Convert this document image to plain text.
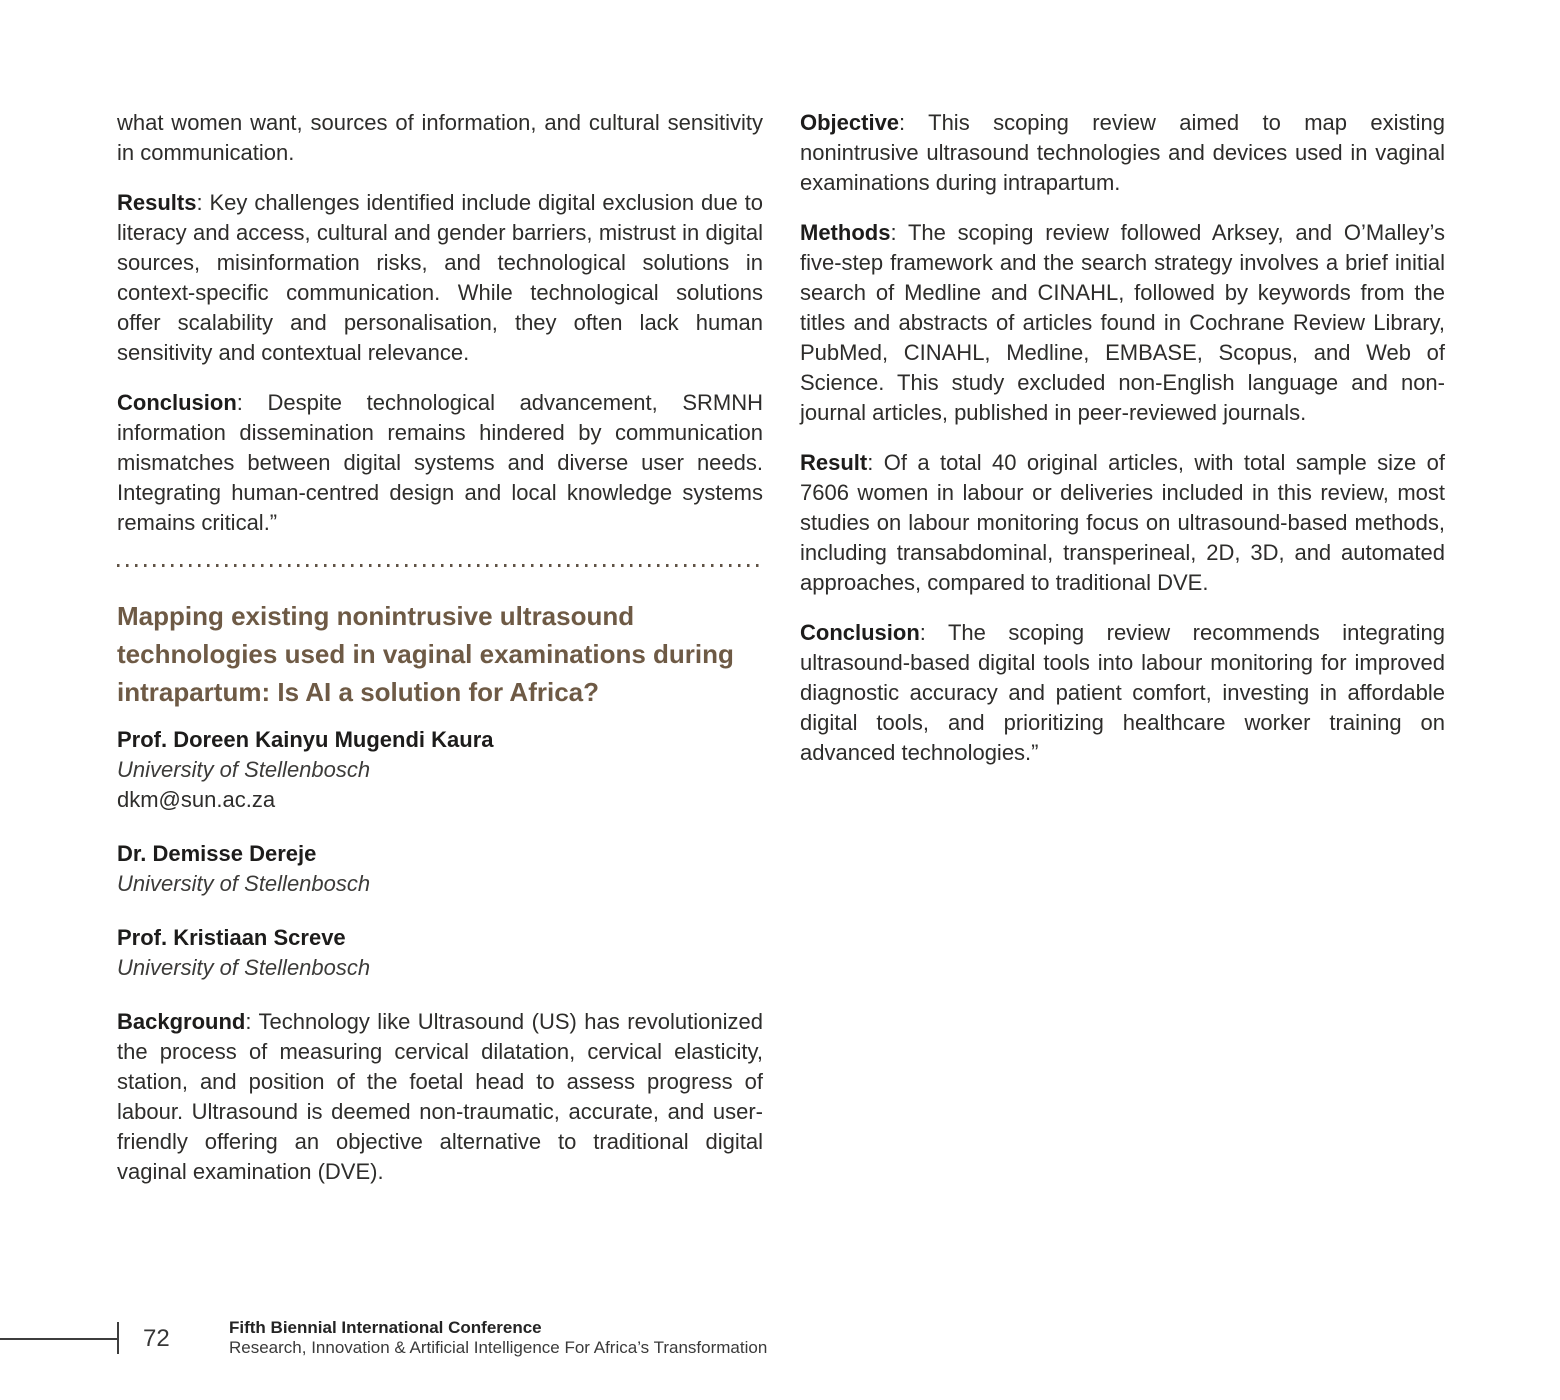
what women want, sources of information, and cultural sensitivity in communication.

Results: Key challenges identified include digital exclusion due to literacy and access, cultural and gender barriers, mistrust in digital sources, misinformation risks, and technological solutions in context-specific communication. While technological solutions offer scalability and personalisation, they often lack human sensitivity and contextual relevance.

Conclusion: Despite technological advancement, SRMNH information dissemination remains hindered by communication mismatches between digital systems and diverse user needs. Integrating human-centred design and local knowledge systems remains critical.”

Mapping existing nonintrusive ultrasound technologies used in vaginal examinations during intrapartum: Is AI a solution for Africa?
Prof. Doreen Kainyu Mugendi Kaura
University of Stellenbosch
dkm@sun.ac.za
Dr. Demisse Dereje
University of Stellenbosch
Prof. Kristiaan Screve
University of Stellenbosch

Background: Technology like Ultrasound (US) has revolutionized the process of measuring cervical dilatation, cervical elasticity, station, and position of the foetal head to assess progress of labour. Ultrasound is deemed non-traumatic, accurate, and user-friendly offering an objective alternative to traditional digital vaginal examination (DVE).

Objective: This scoping review aimed to map existing nonintrusive ultrasound technologies and devices used in vaginal examinations during intrapartum.

Methods: The scoping review followed Arksey, and O’Malley’s five-step framework and the search strategy involves a brief initial search of Medline and CINAHL, followed by keywords from the titles and abstracts of articles found in Cochrane Review Library, PubMed, CINAHL, Medline, EMBASE, Scopus, and Web of Science. This study excluded non-English language and non-journal articles, published in peer-reviewed journals.

Result: Of a total 40 original articles, with total sample size of 7606 women in labour or deliveries included in this review, most studies on labour monitoring focus on ultrasound-based methods, including transabdominal, transperineal, 2D, 3D, and automated approaches, compared to traditional DVE.

Conclusion: The scoping review recommends integrating ultrasound-based digital tools into labour monitoring for improved diagnostic accuracy and patient comfort, investing in affordable digital tools, and prioritizing healthcare worker training on advanced technologies.”

72	Fifth Biennial International Conference
Research, Innovation & Artificial Intelligence For Africa’s Transformation
